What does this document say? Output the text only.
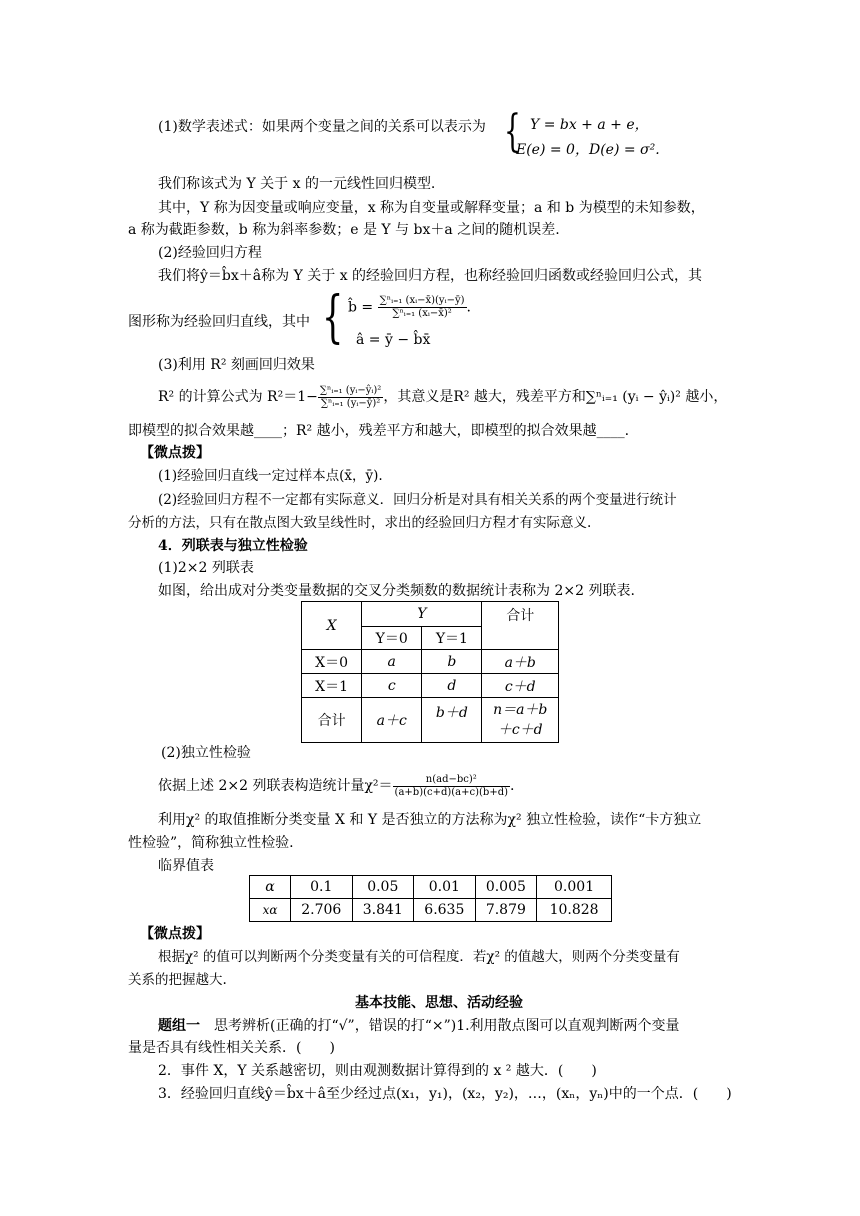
(1)数学表述式：如果两个变量之间的关系可以表示为 { Y = bx + a + e，
E(e) = 0，D(e) = σ².
我们称该式为 Y 关于 x 的一元线性回归模型.
其中，Y 称为因变量或响应变量，x 称为自变量或解释变量；a 和 b 为模型的未知参数，
a 称为截距参数，b 称为斜率参数；e 是 Y 与 bx＋a 之间的随机误差.
(2)经验回归方程
我们将ŷ＝b̂x＋â称为 Y 关于 x 的经验回归方程，也称经验回归函数或经验回归公式，其
图形称为经验回归直线，其中 { b̂ = $\frac{\text{∑ⁿᵢ₌₁ (xᵢ−x̄)(yᵢ−ȳ)}}{\text{∑ⁿᵢ₌₁ (xᵢ−x̄)²}}$ .
â = ȳ − b̂x̄
(3)利用 R² 刻画回归效果
R² 的计算公式为 $R^2=1- \frac{\text{∑ⁿᵢ₌₁ (yᵢ−ŷᵢ)²}}{\text{∑ⁿᵢ₌₁ (yᵢ−ȳ)²}}$ ，其意义是R² 越大，残差平方和∑ⁿᵢ₌₁ (yᵢ − ŷᵢ)² 越小，
即模型的拟合效果越____；R² 越小，残差平方和越大，即模型的拟合效果越____.
【微点拨】
(1)经验回归直线一定过样本点(x̄，ȳ).
(2)经验回归方程不一定都有实际意义．回归分析是对具有相关关系的两个变量进行统计
分析的方法，只有在散点图大致呈线性时，求出的经验回归方程才有实际意义.
4．列联表与独立性检验
(1)2×2 列联表
如图，给出成对分类变量数据的交叉分类频数的数据统计表称为 2×2 列联表.
X	Y		合计
	Y＝0	Y＝1	
X＝0	a	b	a＋b
X＝1	c	d	c＋d
合计	a＋c	b＋d	n＝a＋b
＋c＋d
(2)独立性检验
依据上述 2×2 列联表构造统计量$\chi^2= \frac{\text{n(ad−bc)²}}{(a+b)(c+d)(a+c)(b+d)}$ .
利用χ² 的取值推断分类变量 X 和 Y 是否独立的方法称为χ² 独立性检验，读作“卡方独立
性检验”，简称独立性检验.
临界值表
α	0.1	0.05	0.01	0.005	0.001
xα	2.706	3.841	6.635	7.879	10.828
【微点拨】
根据χ² 的值可以判断两个分类变量有关的可信程度．若χ² 的值越大，则两个分类变量有
关系的把握越大.
基本技能、思想、活动经验
题组一　思考辨析(正确的打“√”，错误的打“×”)1.利用散点图可以直观判断两个变量
量是否具有线性相关关系．(　　)
2．事件 X，Y 关系越密切，则由观测数据计算得到的 x ² 越大．(　　)
3．经验回归直线ŷ＝b̂x＋â至少经过点(x₁，y₁)，(x₂，y₂)，…，(xₙ，yₙ)中的一个点．(　　)
